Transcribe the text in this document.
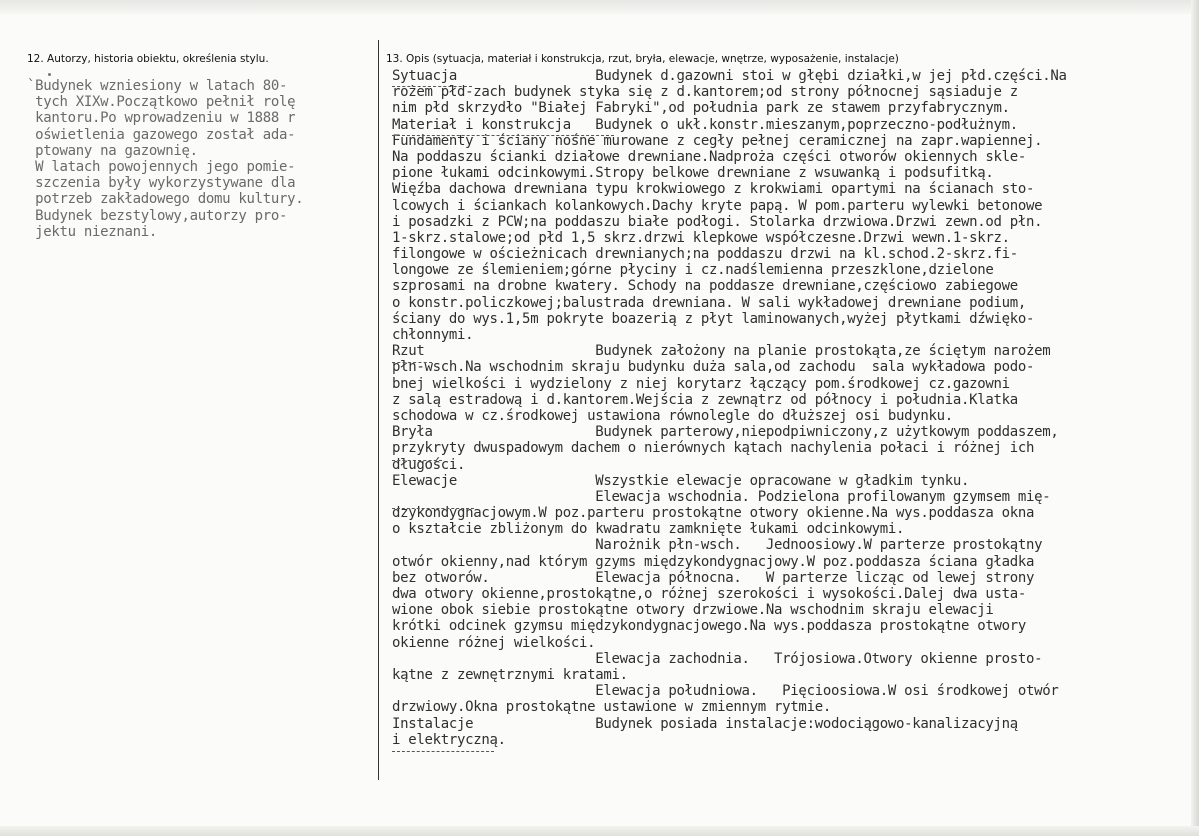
12. Autorzy, historia obiektu, określenia stylu.	13. Opis (sytuacja, materiał i konstrukcja, rzut, bryła, elewacje, wnętrze, wyposażenie, instalacje)
`Budynek wzniesiony w latach 80-
tych XIXw.Początkowo pełnił rolę
kantoru.Po wprowadzeniu w 1888 r
oświetlenia gazowego został ada-
ptowany na gazownię.
W latach powojennych jego pomie-
szczenia były wykorzystywane dla
potrzeb zakładowego domu kultury.
Budynek bezstylowy,autorzy pro-
jektu nieznani.
Sytuacja                 Budynek d.gazowni stoi w głębi działki,w jej płd.części.Na
rożem płd-zach budynek styka się z d.kantorem;od strony północnej sąsiaduje z
nim płd skrzydło "Białej Fabryki",od południa park ze stawem przyfabrycznym.
Materiał i konstrukcja   Budynek o ukł.konstr.mieszanym,poprzeczno-podłużnym.
Fundamenty i ściany nośne murowane z cegły pełnej ceramicznej na zapr.wapiennej.
Na poddaszu ścianki działowe drewniane.Nadproża części otworów okiennych skle-
pione łukami odcinkowymi.Stropy belkowe drewniane z wsuwanką i podsufitką.
Więźba dachowa drewniana typu krokwiowego z krokwiami opartymi na ścianach sto-
lcowych i ściankach kolankowych.Dachy kryte papą. W pom.parteru wylewki betonowe
i posadzki z PCW;na poddaszu białe podłogi. Stolarka drzwiowa.Drzwi zewn.od płn.
1-skrz.stalowe;od płd 1,5 skrz.drzwi klepkowe współczesne.Drzwi wewn.1-skrz.
filongowe w ościeżnicach drewnianych;na poddaszu drzwi na kl.schod.2-skrz.fi-
longowe ze ślemieniem;górne płyciny i cz.nadślemienna przeszklone,dzielone
szprosami na drobne kwatery. Schody na poddasze drewniane,częściowo zabiegowe
o konstr.policzkowej;balustrada drewniana. W sali wykładowej drewniane podium,
ściany do wys.1,5m pokryte boazerią z płyt laminowanych,wyżej płytkami dźwięko-
chłonnymi.
Rzut                     Budynek założony na planie prostokąta,ze ściętym narożem
płn-wsch.Na wschodnim skraju budynku duża sala,od zachodu  sala wykładowa podo-
bnej wielkości i wydzielony z niej korytarz łączący pom.środkowej cz.gazowni
z salą estradową i d.kantorem.Wejścia z zewnątrz od północy i południa.Klatka
schodowa w cz.środkowej ustawiona równolegle do dłuższej osi budynku.
Bryła                    Budynek parterowy,niepodpiwniczony,z użytkowym poddaszem,
przykryty dwuspadowym dachem o nierównych kątach nachylenia połaci i różnej ich
długości.
Elewacje                 Wszystkie elewacje opracowane w gładkim tynku.
Elewacja wschodnia. Podzielona profilowanym gzymsem mię-
dzykondygnacjowym.W poz.parteru prostokątne otwory okienne.Na wys.poddasza okna
o kształcie zbliżonym do kwadratu zamknięte łukami odcinkowymi.
Narożnik płn-wsch.   Jednoosiowy.W parterze prostokątny
otwór okienny,nad którym gzyms międzykondygnacjowy.W poz.poddasza ściana gładka
bez otworów.             Elewacja północna.   W parterze licząc od lewej strony
dwa otwory okienne,prostokątne,o różnej szerokości i wysokości.Dalej dwa usta-
wione obok siebie prostokątne otwory drzwiowe.Na wschodnim skraju elewacji
krótki odcinek gzymsu międzykondygnacjowego.Na wys.poddasza prostokątne otwory
okienne różnej wielkości.
Elewacja zachodnia.   Trójosiowa.Otwory okienne prosto-
kątne z zewnętrznymi kratami.
Elewacja południowa.   Pięcioosiowa.W osi środkowej otwór
drzwiowy.Okna prostokątne ustawione w zmiennym rytmie.
Instalacje               Budynek posiada instalacje:wodociągowo-kanalizacyjną
i elektryczną.
